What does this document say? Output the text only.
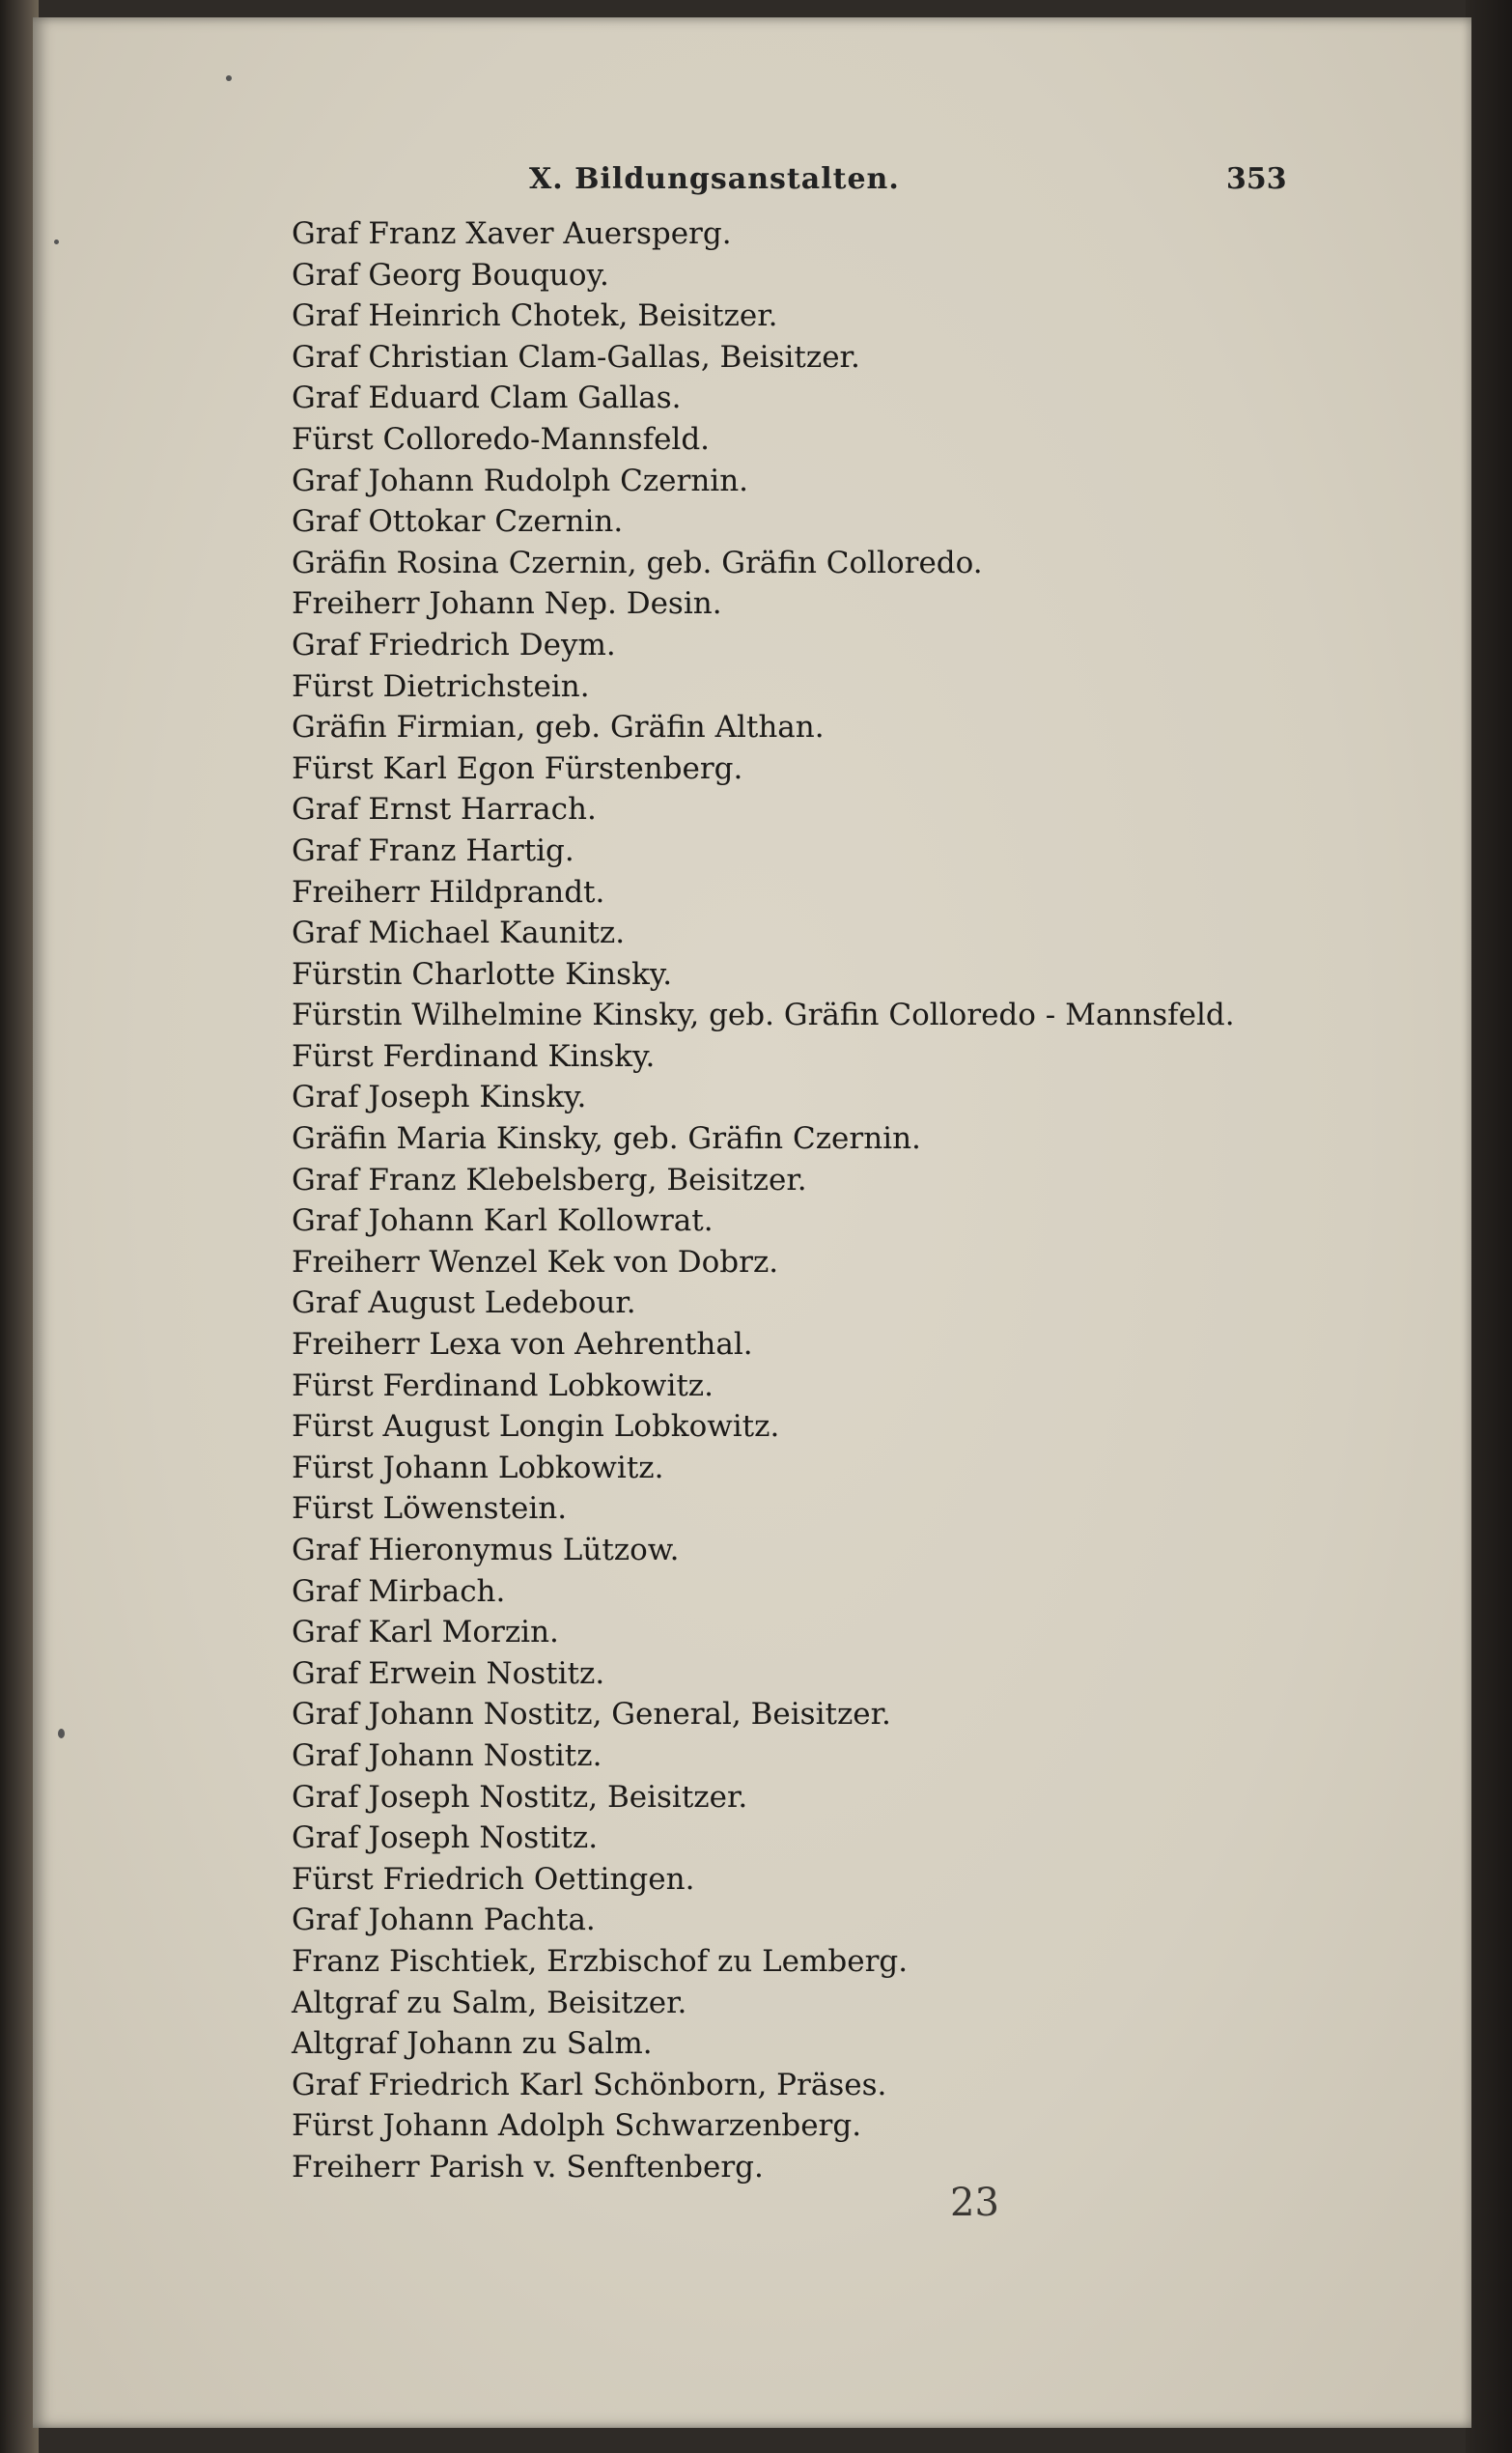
X. Bildungsanstalten.	353
Graf Franz Xaver Auersperg.
Graf Georg Bouquoy.
Graf Heinrich Chotek, Beisitzer.
Graf Christian Clam-Gallas, Beisitzer.
Graf Eduard Clam Gallas.
Fürst Colloredo-Mannsfeld.
Graf Johann Rudolph Czernin.
Graf Ottokar Czernin.
Gräfin Rosina Czernin, geb. Gräfin Colloredo.
Freiherr Johann Nep. Desin.
Graf Friedrich Deym.
Fürst Dietrichstein.
Gräfin Firmian, geb. Gräfin Althan.
Fürst Karl Egon Fürstenberg.
Graf Ernst Harrach.
Graf Franz Hartig.
Freiherr Hildprandt.
Graf Michael Kaunitz.
Fürstin Charlotte Kinsky.
Fürstin Wilhelmine Kinsky, geb. Gräfin Colloredo - Mannsfeld.
Fürst Ferdinand Kinsky.
Graf Joseph Kinsky.
Gräfin Maria Kinsky, geb. Gräfin Czernin.
Graf Franz Klebelsberg, Beisitzer.
Graf Johann Karl Kollowrat.
Freiherr Wenzel Kek von Dobrz.
Graf August Ledebour.
Freiherr Lexa von Aehrenthal.
Fürst Ferdinand Lobkowitz.
Fürst August Longin Lobkowitz.
Fürst Johann Lobkowitz.
Fürst Löwenstein.
Graf Hieronymus Lützow.
Graf Mirbach.
Graf Karl Morzin.
Graf Erwein Nostitz.
Graf Johann Nostitz, General, Beisitzer.
Graf Johann Nostitz.
Graf Joseph Nostitz, Beisitzer.
Graf Joseph Nostitz.
Fürst Friedrich Oettingen.
Graf Johann Pachta.
Franz Pischtiek, Erzbischof zu Lemberg.
Altgraf zu Salm, Beisitzer.
Altgraf Johann zu Salm.
Graf Friedrich Karl Schönborn, Präses.
Fürst Johann Adolph Schwarzenberg.
Freiherr Parish v. Senftenberg.
23
